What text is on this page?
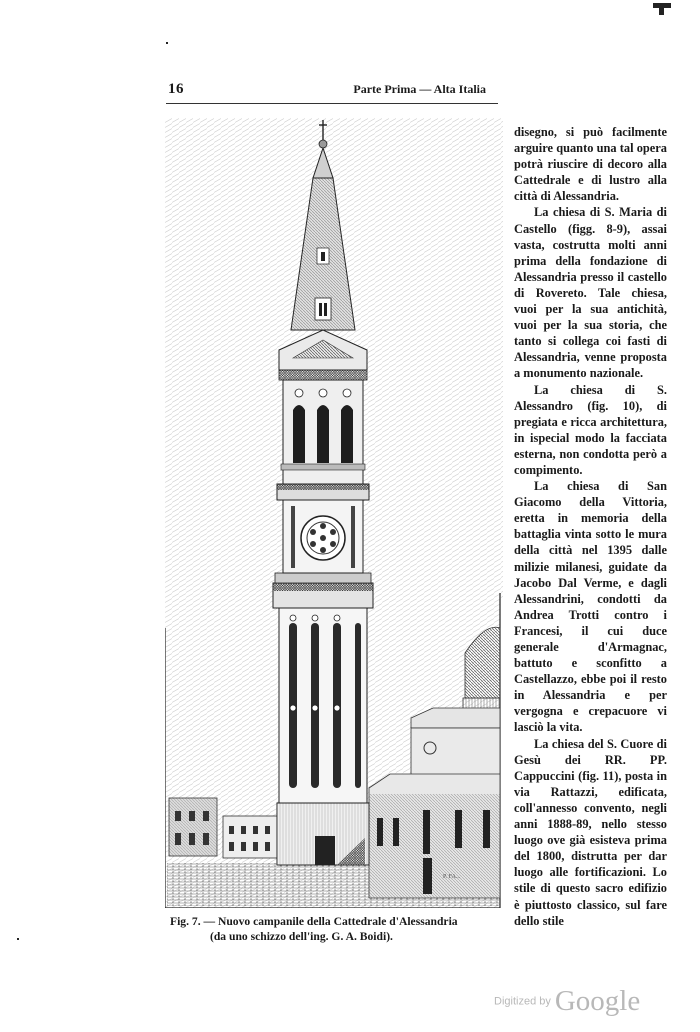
16	Parte Prima — Alta Italia
P. FA...

disegno, si può facilmente arguire quanto una tal opera potrà riuscire di decoro alla Cattedrale e di lustro alla città di Alessandria.

La chiesa di S. Maria di Castello (figg. 8-9), assai vasta, costrutta molti anni prima della fondazione di Alessandria presso il castello di Rovereto. Tale chiesa, vuoi per la sua antichità, vuoi per la sua storia, che tanto si collega coi fasti di Alessandria, venne proposta a monumento nazionale.

La chiesa di S. Alessandro (fig. 10), di pregiata e ricca architettura, in ispecial modo la facciata esterna, non condotta però a compimento.

La chiesa di San Giacomo della Vittoria, eretta in memoria della battaglia vinta sotto le mura della città nel 1395 dalle milizie milanesi, guidate da Jacobo Dal Verme, e dagli Alessandrini, condotti da Andrea Trotti contro i Francesi, il cui duce generale d'Armagnac, battuto e sconfitto a Castellazzo, ebbe poi il resto in Alessandria e per vergogna e crepacuore vi lasciò la vita.

La chiesa del S. Cuore di Gesù dei RR. PP. Cappuccini (fig. 11), posta in via Rattazzi, edificata, coll'annesso convento, negli anni 1888-89, nello stesso luogo ove già esisteva prima del 1800, distrutta per dar luogo alle fortificazioni. Lo stile di questo sacro edifizio è piuttosto classico, sul fare dello stile

Fig. 7. — Nuovo campanile della Cattedrale d'Alessandria
(da uno schizzo dell'ing. G. A. Boidi).
Digitized by Google
